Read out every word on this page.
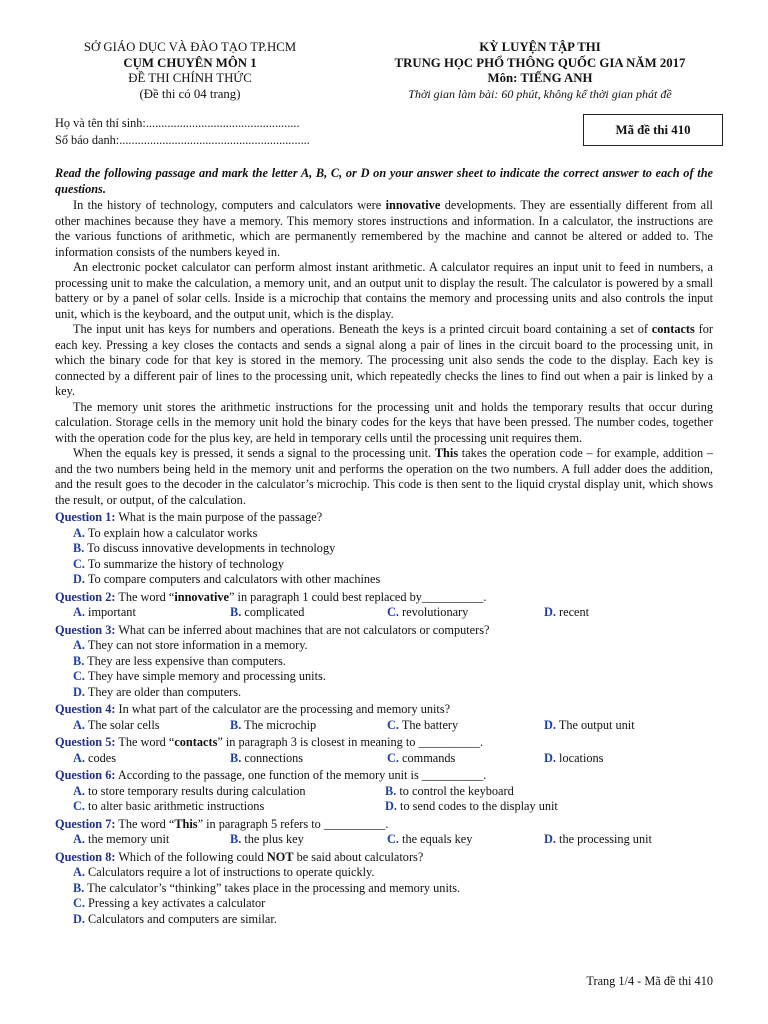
SỞ GIÁO DỤC VÀ ĐÀO TẠO TP.HCM
CỤM CHUYÊN MÔN 1
ĐỀ THI CHÍNH THỨC
(Đề thi có 04 trang)
KỲ LUYỆN TẬP THI
TRUNG HỌC PHỔ THÔNG QUỐC GIA NĂM 2017
Môn: TIẾNG ANH
Thời gian làm bài: 60 phút, không kể thời gian phát đề
Họ và tên thí sinh:..................................................
Số báo danh:..............................................................
Mã đề thi 410

Read the following passage and mark the letter A, B, C, or D on your answer sheet to indicate the correct answer to each of the questions.

In the history of technology, computers and calculators were innovative developments. They are essentially different from all other machines because they have a memory. This memory stores instructions and information. In a calculator, the instructions are the various functions of arithmetic, which are permanently remembered by the machine and cannot be altered or added to. The information consists of the numbers keyed in.

An electronic pocket calculator can perform almost instant arithmetic. A calculator requires an input unit to feed in numbers, a processing unit to make the calculation, a memory unit, and an output unit to display the result. The calculator is powered by a small battery or by a panel of solar cells. Inside is a microchip that contains the memory and processing units and also controls the input unit, which is the keyboard, and the output unit, which is the display.

The input unit has keys for numbers and operations. Beneath the keys is a printed circuit board containing a set of contacts for each key. Pressing a key closes the contacts and sends a signal along a pair of lines in the circuit board to the processing unit, in which the binary code for that key is stored in the memory. The processing unit also sends the code to the display. Each key is connected by a different pair of lines to the processing unit, which repeatedly checks the lines to find out when a pair is linked by a key.

The memory unit stores the arithmetic instructions for the processing unit and holds the temporary results that occur during calculation. Storage cells in the memory unit hold the binary codes for the keys that have been pressed. The number codes, together with the operation code for the plus key, are held in temporary cells until the processing unit requires them.

When the equals key is pressed, it sends a signal to the processing unit. This takes the operation code – for example, addition – and the two numbers being held in the memory unit and performs the operation on the two numbers. A full adder does the addition, and the result goes to the decoder in the calculator’s microchip. This code is then sent to the liquid crystal display unit, which shows the result, or output, of the calculation.

Question 1: What is the main purpose of the passage?
A. To explain how a calculator works
B. To discuss innovative developments in technology
C. To summarize the history of technology
D. To compare computers and calculators with other machines
Question 2: The word “innovative” in paragraph 1 could best replaced by__________.
A. important	B. complicated	C. revolutionary	D. recent
Question 3: What can be inferred about machines that are not calculators or computers?
A. They can not store information in a memory.
B. They are less expensive than computers.
C. They have simple memory and processing units.
D. They are older than computers.
Question 4: In what part of the calculator are the processing and memory units?
A. The solar cells	B. The microchip	C. The battery	D. The output unit
Question 5: The word “contacts” in paragraph 3 is closest in meaning to __________.
A. codes	B. connections	C. commands	D. locations
Question 6: According to the passage, one function of the memory unit is __________.
A. to store temporary results during calculation	B. to control the keyboard
C. to alter basic arithmetic instructions	D. to send codes to the display unit
Question 7: The word “This” in paragraph 5 refers to __________.
A. the memory unit	B. the plus key	C. the equals key	D. the processing unit
Question 8: Which of the following could NOT be said about calculators?
A. Calculators require a lot of instructions to operate quickly.
B. The calculator’s “thinking” takes place in the processing and memory units.
C. Pressing a key activates a calculator
D. Calculators and computers are similar.
Trang 1/4 - Mã đề thi 410
